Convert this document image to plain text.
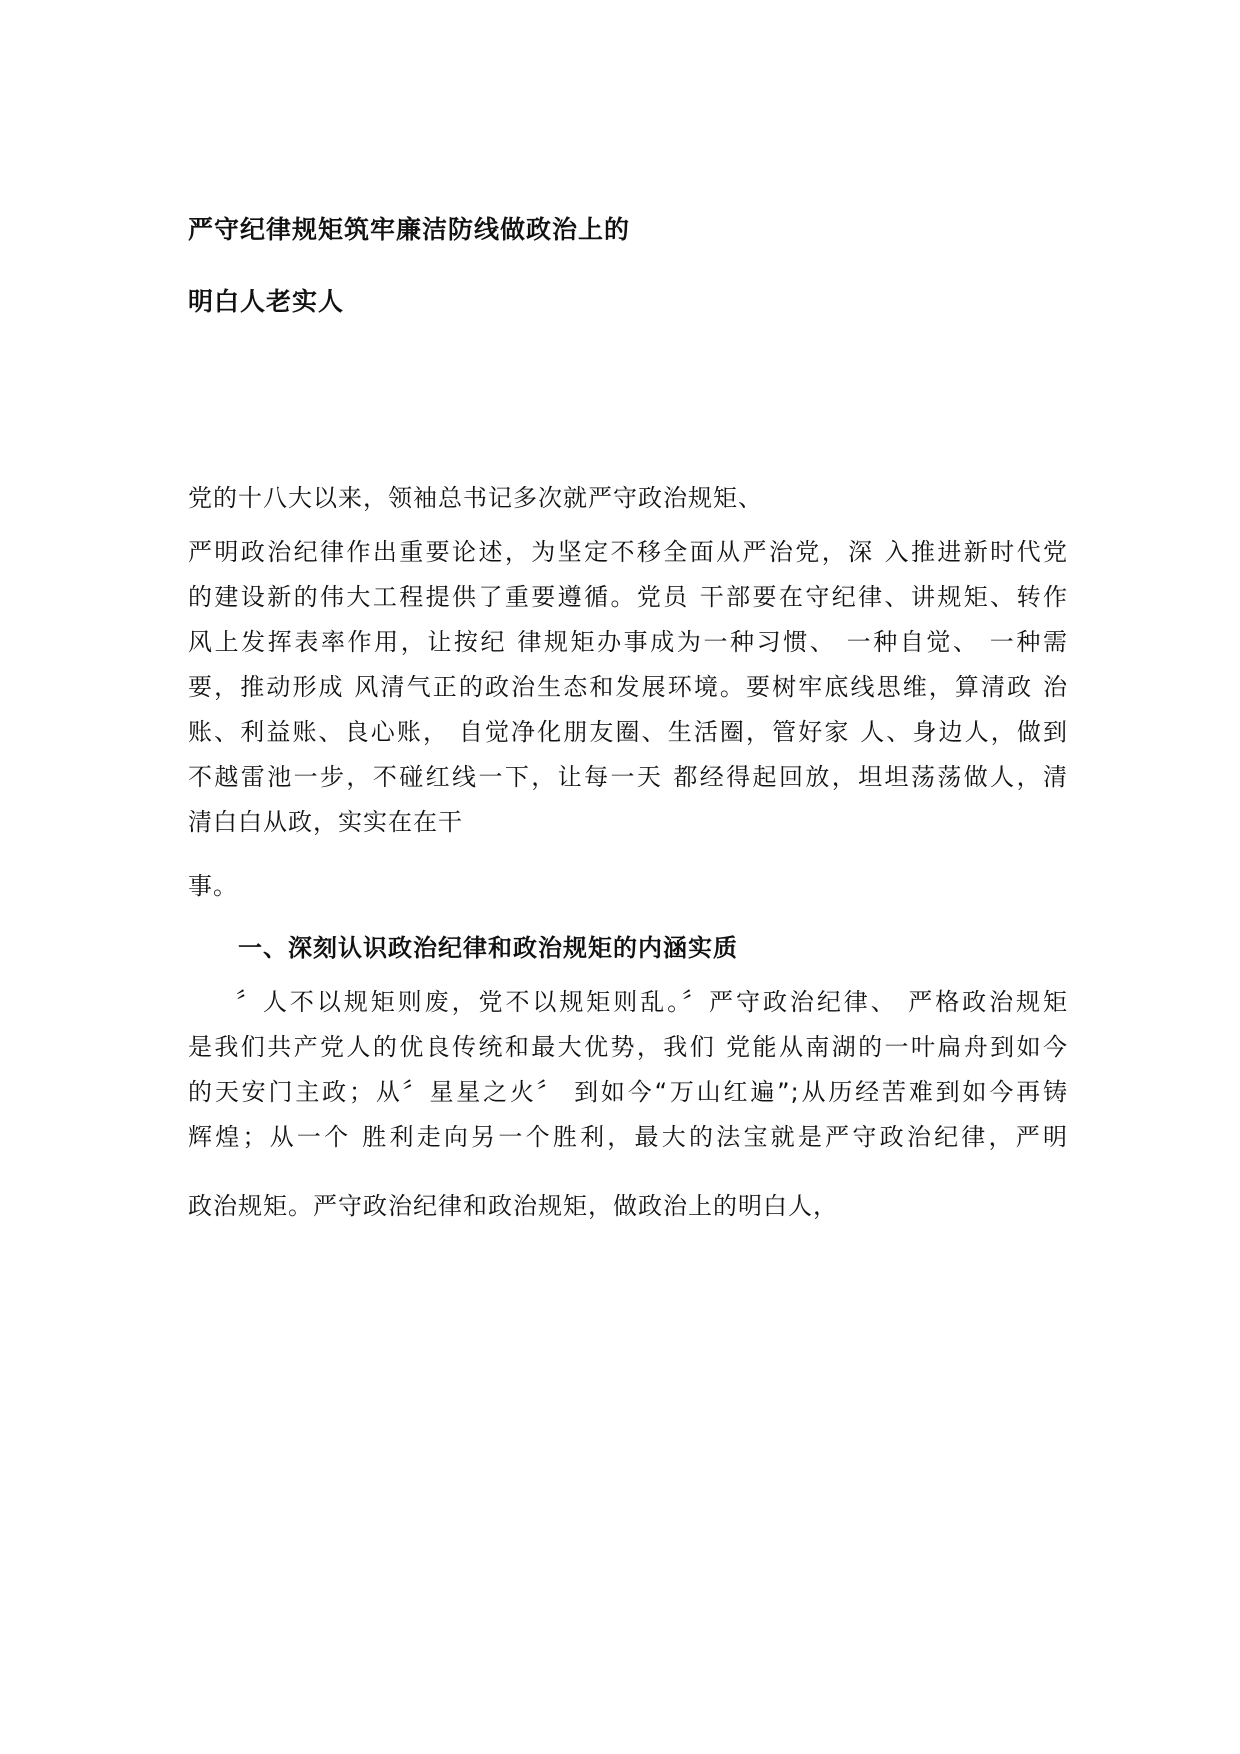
严守纪律规矩筑牢廉洁防线做政治上的
明白人老实人
党的十八大以来，领袖总书记多次就严守政治规矩、
严明政治纪律作出重要论述，为坚定不移全面从严治党，深 入推进新时代党
的建设新的伟大工程提供了重要遵循。党员 干部要在守纪律、讲规矩、转作
风上发挥表率作用，让按纪 律规矩办事成为一种习惯、 一种自觉、 一种需
要，推动形成 风清气正的政治生态和发展环境。要树牢底线思维，算清政 治
账、利益账、良心账， 自觉净化朋友圈、生活圈，管好家 人、身边人，做到
不越雷池一步，不碰红线一下，让每一天 都经得起回放，坦坦荡荡做人，清
清白白从政，实实在在干
事。
一、深刻认识政治纪律和政治规矩的内涵实质
〞人不以规矩则废，党不以规矩则乱。〞严守政治纪律、 严格政治规矩
是我们共产党人的优良传统和最大优势，我们 党能从南湖的一叶扁舟到如今
的天安门主政；从〞星星之火〞 到如今“万山红遍”;从历经苦难到如今再铸
辉煌；从一个 胜利走向另一个胜利，最大的法宝就是严守政治纪律，严明
政治规矩。严守政治纪律和政治规矩，做政治上的明白人，
